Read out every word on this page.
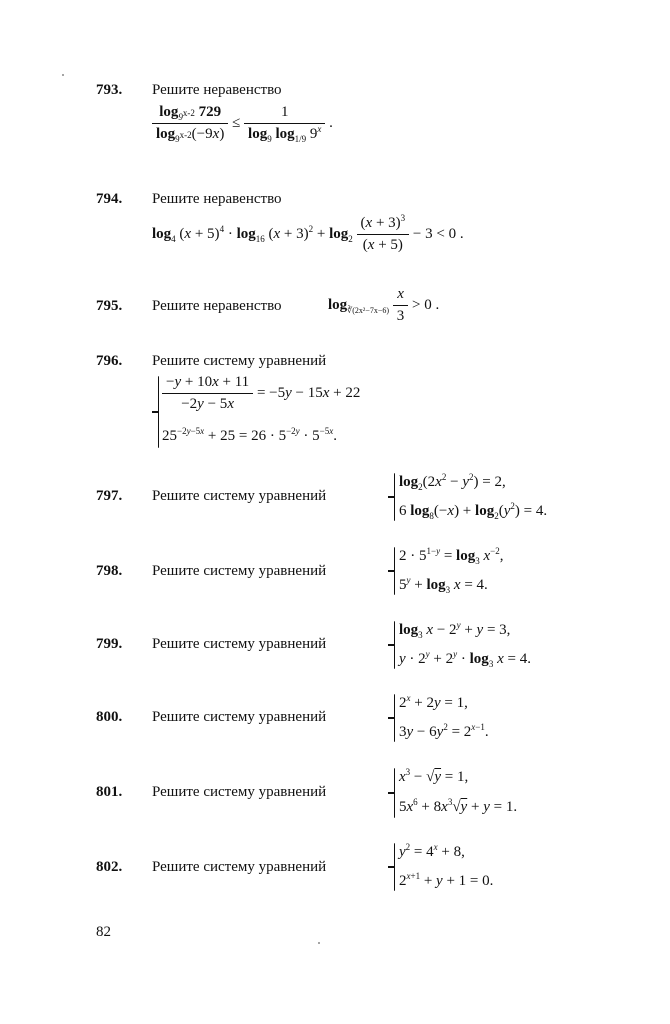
793. Решите неравенство
$\frac{\log_{9^{x-2}} 729}{\log_{9^{x-2}}(-9x)} \le \frac{1}{\log_9 \log_{1/9} 9^x}$ .
794. Решите неравенство
$\log_4 (x + 5)^4 \cdot \log_{16} (x + 3)^2 + \log_2 \frac{(x + 3)^3}{(x + 5)} - 3 < 0$ .
795. Решите неравенство	$\log_{∛(2x^2-7x-6)} \frac{x}{3} > 0$ .
796. Решите систему уравнений
$\frac{-y + 10x + 11}{-2y - 5x} = -5y - 15x + 22$
$25^{-2y-5x} + 25 = 26 \cdot 5^{-2y} \cdot 5^{-5x}$.
797. Решите систему уравнений
$\log_2(2x^2 - y^2) = 2$,
6 $\log_8(-x) + \log_2(y^2) = 4$.
798. Решите систему уравнений
$2 \cdot 5^{1-y} = \log_3 x^{-2}$,
$5^y + \log_3 x = 4$.
799. Решите систему уравнений
$\log_3 x - 2^y + y = 3$,
$y \cdot 2^y + 2^y \cdot \log_3 x = 4$.
800. Решите систему уравнений
$2^x + 2y = 1$,
$3y - 6y^2 = 2^{x-1}$.
801. Решите систему уравнений
$x^3 - √y = 1$,
$5x^6 + 8x^3√y + y = 1$.
802. Решите систему уравнений
$y^2 = 4^x + 8$,
$2^{x+1} + y + 1 = 0$.
82
